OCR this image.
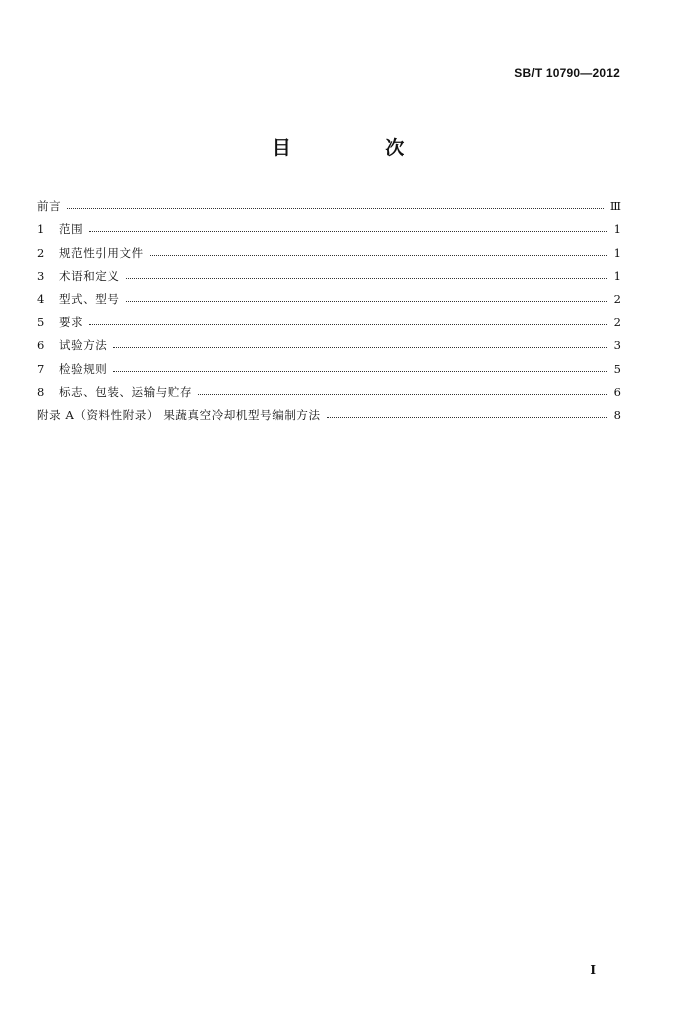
SB/T 10790—2012
目 次
前言	Ⅲ
1	范围	1
2	规范性引用文件	1
3	术语和定义	1
4	型式、型号	2
5	要求	2
6	试验方法	3
7	检验规则	5
8	标志、包装、运输与贮存	6
附录 A（资料性附录） 果蔬真空冷却机型号编制方法	8
Ⅰ
